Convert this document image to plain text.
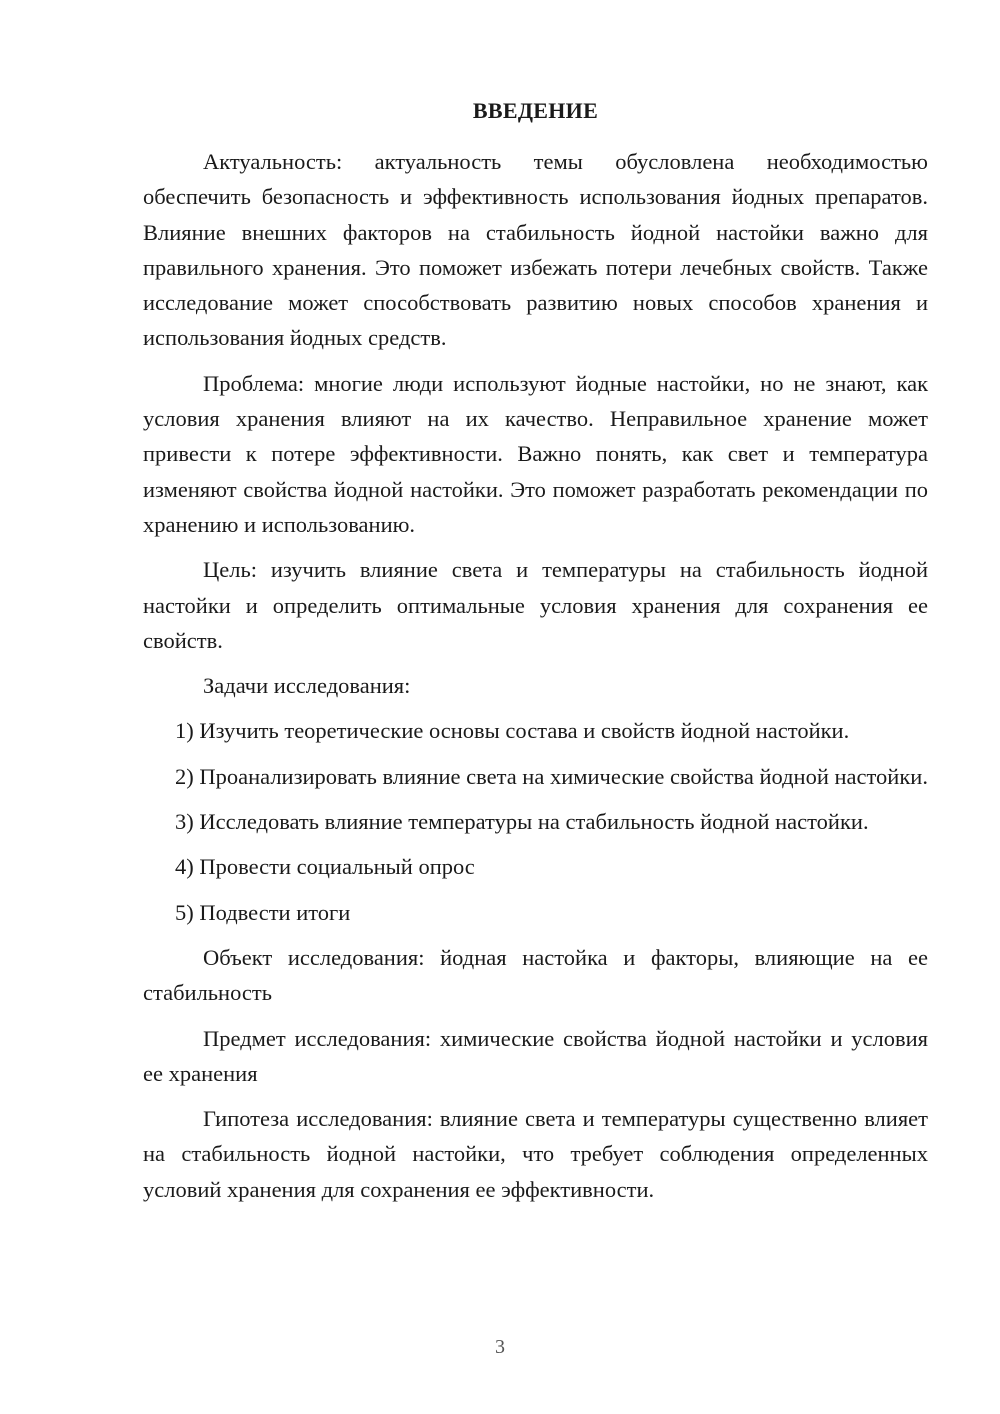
ВВЕДЕНИЕ

Актуальность: актуальность темы обусловлена необходимостью обеспечить безопасность и эффективность использования йодных препаратов. Влияние внешних факторов на стабильность йодной настойки важно для правильного хранения. Это поможет избежать потери лечебных свойств. Также исследование может способствовать развитию новых способов хранения и использования йодных средств.

Проблема: многие люди используют йодные настойки, но не знают, как условия хранения влияют на их качество. Неправильное хранение может привести к потере эффективности. Важно понять, как свет и температура изменяют свойства йодной настойки. Это поможет разработать рекомендации по хранению и использованию.

Цель: изучить влияние света и температуры на стабильность йодной настойки и определить оптимальные условия хранения для сохранения ее свойств.

Задачи исследования:

1) Изучить теоретические основы состава и свойств йодной настойки.

2) Проанализировать влияние света на химические свойства йодной настойки.

3) Исследовать влияние температуры на стабильность йодной настойки.

4) Провести социальный опрос

5) Подвести итоги

Объект исследования: йодная настойка и факторы, влияющие на ее стабильность

Предмет исследования: химические свойства йодной настойки и условия ее хранения

Гипотеза исследования: влияние света и температуры существенно влияет на стабильность йодной настойки, что требует соблюдения определенных условий хранения для сохранения ее эффективности.

3
